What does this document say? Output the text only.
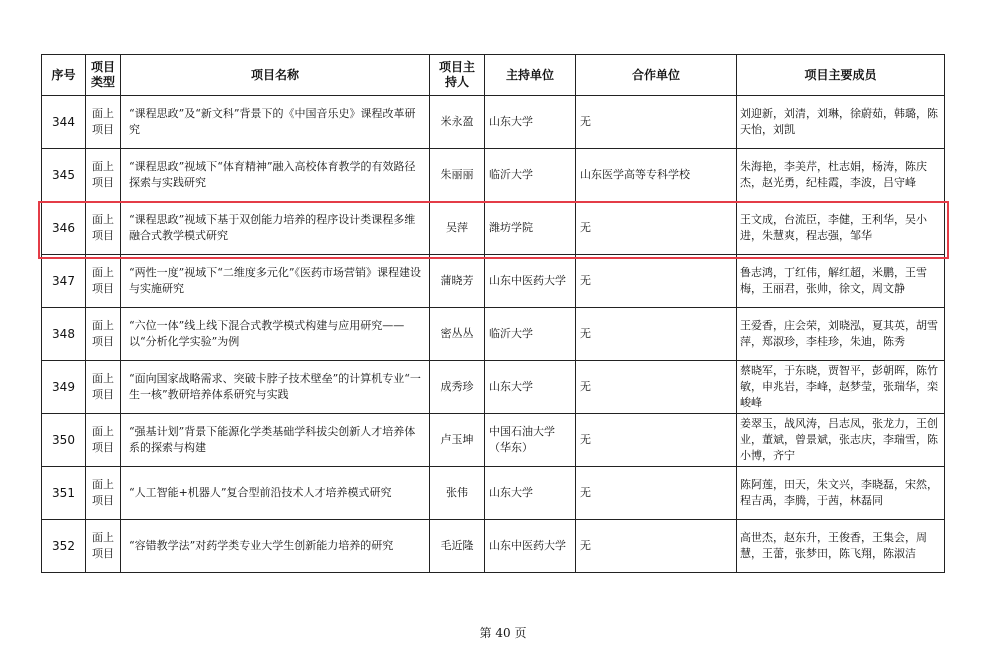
序号	项目类型	项目名称	项目主持人	主持单位	合作单位	项目主要成员
344	面上项目	“课程思政”及“新文科”背景下的《中国音乐史》课程改革研究	米永盈	山东大学	无	刘迎新，刘清，刘琳，徐蔚茹，韩璐，陈天怡，刘凯
345	面上项目	“课程思政”视域下“体育精神”融入高校体育教学的有效路径探索与实践研究	朱丽丽	临沂大学	山东医学高等专科学校	朱海艳，李美芹，杜志娟，杨涛，陈庆杰，赵光勇，纪桂霞，李波，吕守峰
346	面上项目	“课程思政”视域下基于双创能力培养的程序设计类课程多维融合式教学模式研究	吴萍	潍坊学院	无	王文成，台流臣，李健，王利华，吴小进，朱慧爽，程志强，邹华
347	面上项目	“两性一度”视域下“二维度多元化”《医药市场营销》课程建设与实施研究	蒲晓芳	山东中医药大学	无	鲁志鸿，丁红伟，解红超，米鹏，王雪梅，王丽君，张帅，徐文，周文静
348	面上项目	“六位一体”线上线下混合式教学模式构建与应用研究——以“分析化学实验”为例	密丛丛	临沂大学	无	王爱香，庄会荣，刘晓泓，夏其英，胡雪萍，郑淑珍，李桂珍，朱迪，陈秀
349	面上项目	“面向国家战略需求、突破卡脖子技术壁垒”的计算机专业“一生一核”教研培养体系研究与实践	成秀珍	山东大学	无	蔡晓军，于东晓，贾智平，彭朝晖，陈竹敏，申兆岩，李峰，赵梦莹，张瑞华，栾峻峰
350	面上项目	“强基计划”背景下能源化学类基础学科拔尖创新人才培养体系的探索与构建	卢玉坤	中国石油大学（华东）	无	姜翠玉，战风涛，吕志凤，张龙力，王创业，董斌，曾景斌，张志庆，李瑞雪，陈小博，齐宁
351	面上项目	“人工智能+机器人”复合型前沿技术人才培养模式研究	张伟	山东大学	无	陈阿莲，田天，朱文兴，李晓磊，宋然，程吉禹，李腾，于茜，林磊同
352	面上项目	“容错教学法”对药学类专业大学生创新能力培养的研究	毛近隆	山东中医药大学	无	高世杰，赵东升，王俊香，王集会，周慧，王蕾，张梦田，陈飞翔，陈淑洁
第 40 页
